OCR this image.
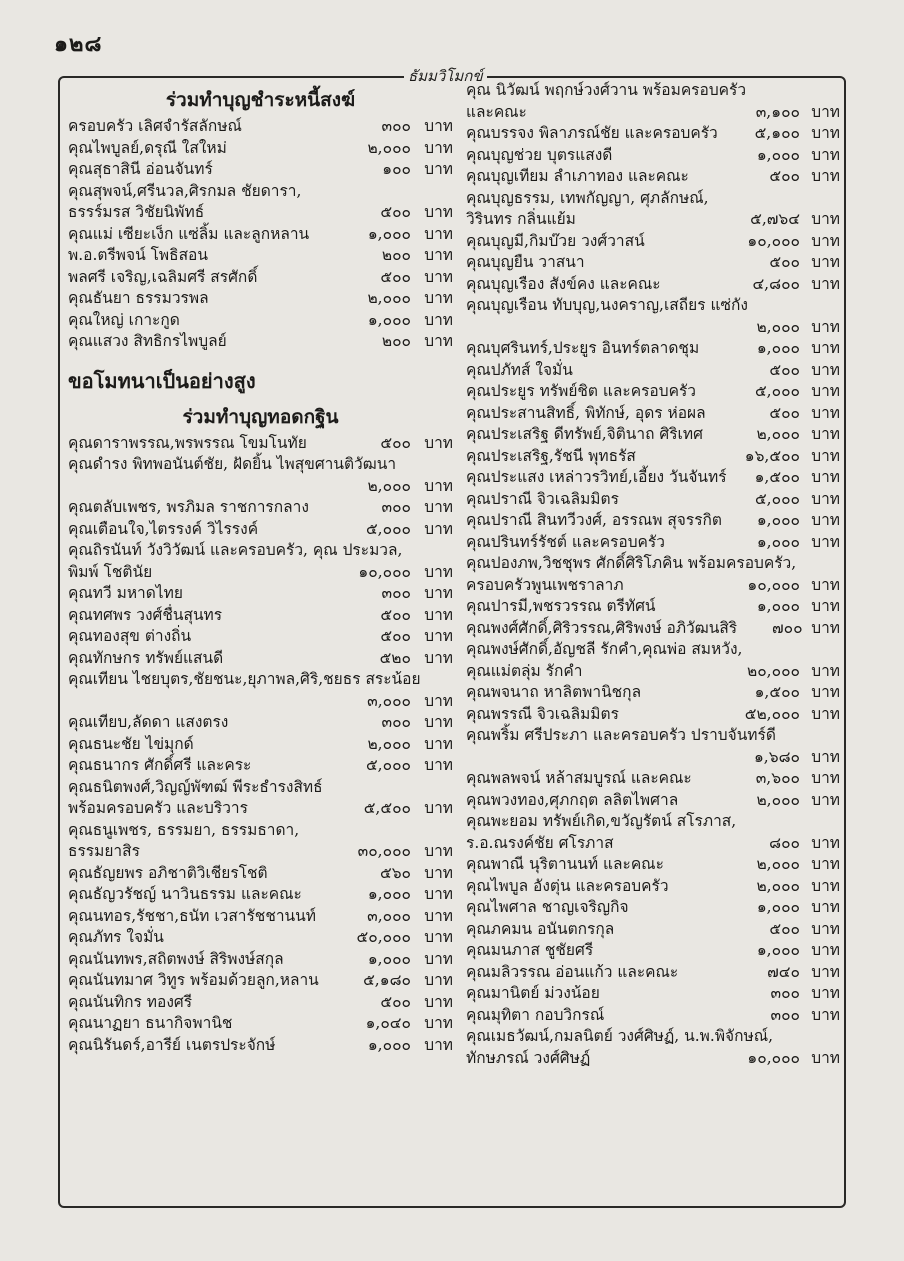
๑๒๘
ธัมมวิโมกข์
ร่วมทำบุญชำระหนี้สงฆ์
ครอบครัว เลิศจำรัสลักษณ์	๓๐๐ บาท
คุณไพบูลย์,ดรุณี ใสใหม่	๒,๐๐๐ บาท
คุณสุธาสินี อ่อนจันทร์	๑๐๐ บาท
คุณสุพจน์,ศรีนวล,ศิรกมล ชัยดารา,
ธรรร์มรส วิชัยนิพัทธ์	๕๐๐ บาท
คุณแม่ เซียะเง็ก แซ่ลิ้ม และลูกหลาน	๑,๐๐๐ บาท
พ.อ.ตรีพจน์ โพธิสอน	๒๐๐ บาท
พลศรี เจริญ,เฉลิมศรี สรศักดิ์	๕๐๐ บาท
คุณธันยา ธรรมวรพล	๒,๐๐๐ บาท
คุณใหญ่ เกาะกูด	๑,๐๐๐ บาท
คุณแสวง สิทธิกรไพบูลย์	๒๐๐ บาท
ขอโมทนาเป็นอย่างสูง
ร่วมทำบุญทอดกฐิน
คุณดาราพรรณ,พรพรรณ โขมโนทัย	๕๐๐ บาท
คุณดำรง พิทพอนันต์ชัย, ฝัดยิ้น ไพสุขศานติวัฒนา
๒,๐๐๐ บาท
คุณตลับเพชร, พรภิมล ราชการกลาง	๓๐๐ บาท
คุณเตือนใจ,ไตรรงค์ วิไรรงค์	๕,๐๐๐ บาท
คุณถิรนันท์ วังวิวัฒน์ และครอบครัว, คุณ ประมวล,
พิมพ์ โชตินัย	๑๐,๐๐๐ บาท
คุณทวี มหาดไทย	๓๐๐ บาท
คุณทศพร วงศ์ชื่นสุนทร	๕๐๐ บาท
คุณทองสุข ต่างถิ่น	๕๐๐ บาท
คุณทักษกร ทรัพย์แสนดี	๕๒๐ บาท
คุณเทียน ไชยบุตร,ชัยชนะ,ยุภาพล,ศิริ,ชยธร สระน้อย
๓,๐๐๐ บาท
คุณเทียบ,ลัดดา แสงตรง	๓๐๐ บาท
คุณธนะชัย ไข่มุกด์	๒,๐๐๐ บาท
คุณธนากร ศักดิ์ศรี และคระ	๕,๐๐๐ บาท
คุณธนิตพงศ์,วิญญ์พัฑฒ์ พีระธำรงสิทธ์
พร้อมครอบครัว และบริวาร	๕,๕๐๐ บาท
คุณธนูเพชร, ธรรมยา, ธรรมธาดา,
ธรรมยาสิร	๓๐,๐๐๐ บาท
คุณธัญยพร อภิชาติวิเชียรโชติ	๕๖๐ บาท
คุณธัญวรัชญ์ นาวินธรรม และคณะ	๑,๐๐๐ บาท
คุณนทอร,รัชชา,ธนัท เวสารัชชานนท์	๓,๐๐๐ บาท
คุณภัทร ใจมั่น	๕๐,๐๐๐ บาท
คุณนันทพร,สถิตพงษ์ สิริพงษ์สกุล	๑,๐๐๐ บาท
คุณนันทมาศ วิทูร พร้อมด้วยลูก,หลาน	๕,๑๘๐ บาท
คุณนันทิกร ทองศรี	๕๐๐ บาท
คุณนาฏยา ธนากิจพานิช	๑,๐๔๐ บาท
คุณนิรันดร์,อารีย์ เนตรประจักษ์	๑,๐๐๐ บาท
คุณ นิวัฒน์ พฤกษ์วงศ์วาน พร้อมครอบครัว
และคณะ	๓,๑๐๐ บาท
คุณบรรจง พิลาภรณ์ชัย และครอบครัว	๕,๑๐๐ บาท
คุณบุญช่วย บุตรแสงดี	๑,๐๐๐ บาท
คุณบุญเทียม ลำเภาทอง และคณะ	๕๐๐ บาท
คุณบุญธรรม, เทพกัญญา, ศุภลักษณ์,
วิรินทร กลิ่นแย้ม	๕,๗๖๔ บาท
คุณบุญมี,กิมบ๊วย วงศ์วาสน์	๑๐,๐๐๐ บาท
คุณบุญยืน วาสนา	๕๐๐ บาท
คุณบุญเรือง สังข์คง และคณะ	๔,๘๐๐ บาท
คุณบุญเรือน ทับบุญ,นงคราญ,เสถียร แซ่กัง
๒,๐๐๐ บาท
คุณบุศรินทร์,ประยูร อินทร์ตลาดชุม	๑,๐๐๐ บาท
คุณปภัทส์ ใจมั่น	๕๐๐ บาท
คุณประยูร ทรัพย์ชิต และครอบครัว	๕,๐๐๐ บาท
คุณประสานสิทธิ์, พิทักษ์, อุดร ห่อผล	๕๐๐ บาท
คุณประเสริฐ ดีทรัพย์,จิตินาถ ศิริเทศ	๒,๐๐๐ บาท
คุณประเสริฐ,รัชนี พุทธรัส	๑๖,๕๐๐ บาท
คุณประแสง เหล่าวรวิทย์,เอี้ยง วันจันทร์	๑,๕๐๐ บาท
คุณปราณี จิวเฉลิมมิตร	๕,๐๐๐ บาท
คุณปราณี สินทวีวงศ์, อรรณพ สุจรรกิต	๑,๐๐๐ บาท
คุณปรินทร์รัชต์ และครอบครัว	๑,๐๐๐ บาท
คุณปองภพ,วิชชุพร ศักดิ์ศิริโภคิน พร้อมครอบครัว,
ครอบครัวพูนเพชราลาภ	๑๐,๐๐๐ บาท
คุณปารมี,พชรวรรณ ตรีทัศน์	๑,๐๐๐ บาท
คุณพงศ์ศักดิ์,ศิริวรรณ,ศิริพงษ์ อภิวัฒนสิริ	๗๐๐ บาท
คุณพงษ์ศักดิ์,อัญชลี รักคำ,คุณพ่อ สมหวัง,
คุณแม่ตลุ่ม รักคำ	๒๐,๐๐๐ บาท
คุณพจนาถ หาลิตพานิชกุล	๑,๕๐๐ บาท
คุณพรรณี จิวเฉลิมมิตร	๕๒,๐๐๐ บาท
คุณพริ้ม ศรีประภา และครอบครัว ปราบจันทร์ดี
๑,๖๘๐ บาท
คุณพลพจน์ หล้าสมบูรณ์ และคณะ	๓,๖๐๐ บาท
คุณพวงทอง,ศุภกฤต ลลิตไพศาล	๒,๐๐๐ บาท
คุณพะยอม ทรัพย์เกิด,ขวัญรัตน์ สโรภาส,
ร.อ.ณรงค์ชัย ศโรภาส	๘๐๐ บาท
คุณพาณี นุริตานนท์ และคณะ	๒,๐๐๐ บาท
คุณไพบูล อังตุ่น และครอบครัว	๒,๐๐๐ บาท
คุณไพศาล ชาญเจริญกิจ	๑,๐๐๐ บาท
คุณภคมน อนันตกรกุล	๕๐๐ บาท
คุณมนภาส ชูชัยศรี	๑,๐๐๐ บาท
คุณมลิวรรณ อ่อนแก้ว และคณะ	๗๔๐ บาท
คุณมานิตย์ ม่วงน้อย	๓๐๐ บาท
คุณมุทิตา กอบวิกรณ์	๓๐๐ บาท
คุณเมธวัฒน์,กมลนิตย์ วงศ์ศิษฏ์, น.พ.พิจักษณ์,
ทักษภรณ์ วงศ์ศิษฏ์	๑๐,๐๐๐ บาท
